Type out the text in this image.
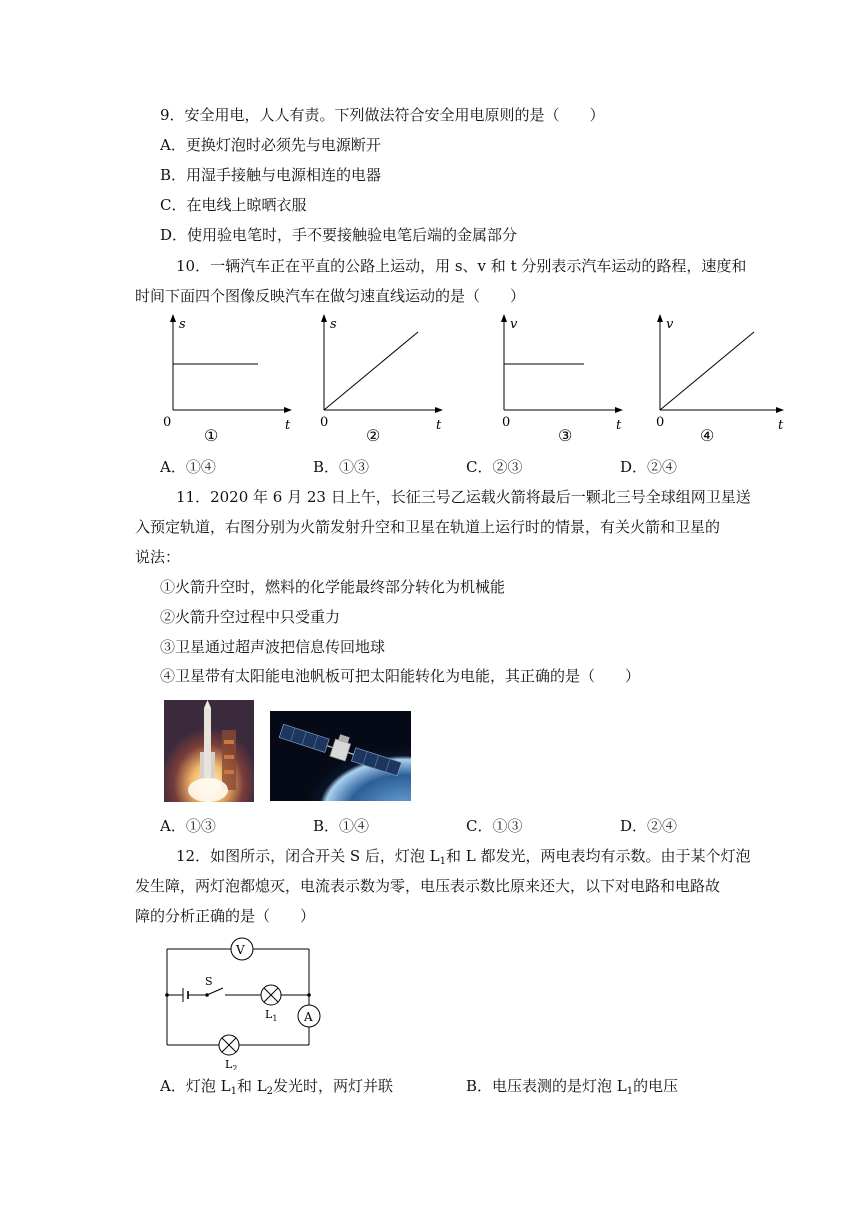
9．安全用电，人人有责。下列做法符合安全用电原则的是（　　）
A．更换灯泡时必须先与电源断开
B．用湿手接触与电源相连的电器
C．在电线上晾晒衣服
D．使用验电笔时，手不要接触验电笔后端的金属部分
10．一辆汽车正在平直的公路上运动，用 s、v 和 t 分别表示汽车运动的路程，速度和
时间下面四个图像反映汽车在做匀速直线运动的是（　　）
s
t
0
①
s
t
0
②
v
t
0
③
v
t
0
④
A．①④	B．①③	C．②③	D．②④
11．2020 年 6 月 23 日上午，长征三号乙运载火箭将最后一颗北三号全球组网卫星送
入预定轨道，右图分别为火箭发射升空和卫星在轨道上运行时的情景，有关火箭和卫星的
说法：
①火箭升空时，燃料的化学能最终部分转化为机械能
②火箭升空过程中只受重力
③卫星通过超声波把信息传回地球
④卫星带有太阳能电池帆板可把太阳能转化为电能，其正确的是（　　）
A．①③	B．①④	C．①③	D．②④
12．如图所示，闭合开关 S 后，灯泡 $L_1$和 L 都发光，两电表均有示数。由于某个灯泡
发生障，两灯泡都熄灭，电流表示数为零，电压表示数比原来还大，以下对电路和电路故
障的分析正确的是（　　）
V
A
S
$L_1$
$L_2$
A．灯泡 $L_1$和 $L_2$发光时，两灯并联	B．电压表测的是灯泡 $L_1$的电压
